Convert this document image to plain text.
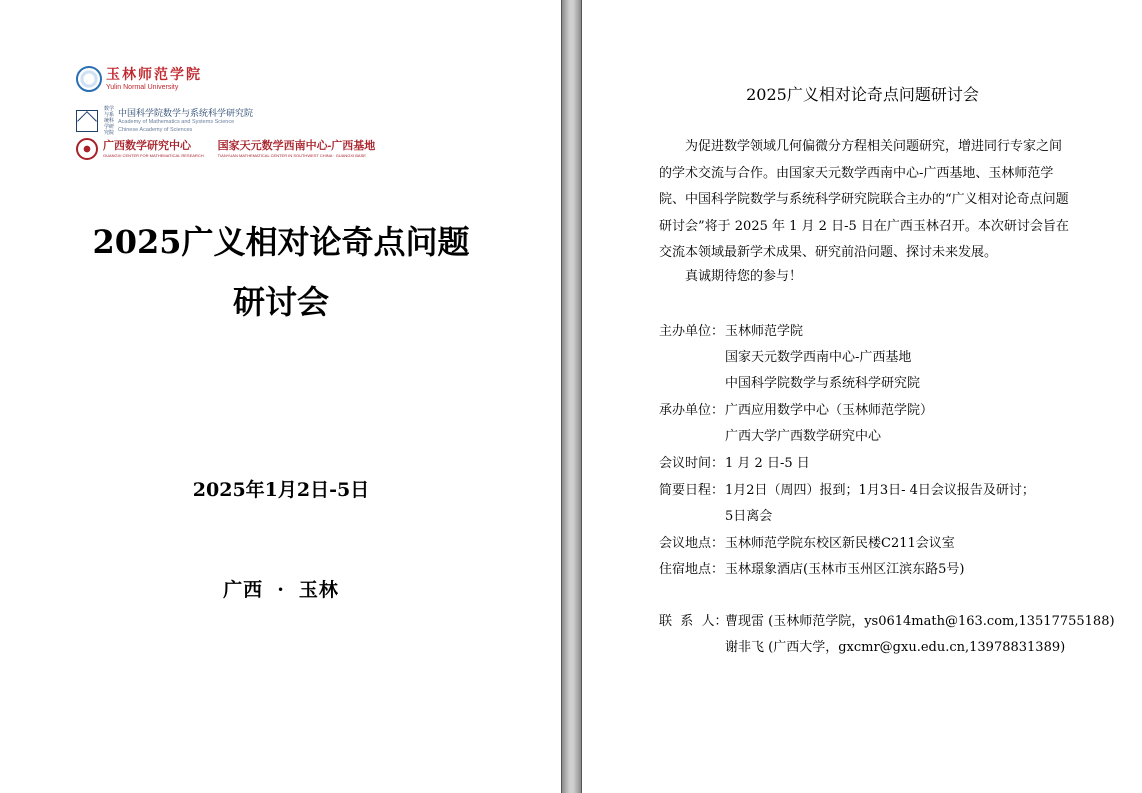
玉林师范学院
Yulin Normal University
数学与系统科学研究院
中国科学院数学与系统科学研究院
Academy of Mathematics and Systems Science
Chinese Academy of Sciences
广西数学研究中心
GUANGXI CENTER FOR MATHEMATICAL RESEARCH
国家天元数学西南中心-广西基地
TIANYUAN MATHEMATICAL CENTER IN SOUTHWEST CHINA · GUANGXI BASE
2025广义相对论奇点问题
研讨会
2025年1月2日-5日
广西 · 玉林
2025广义相对论奇点问题研讨会

为促进数学领域几何偏微分方程相关问题研究，增进同行专家之间的学术交流与合作。由国家天元数学西南中心-广西基地、玉林师范学院、中国科学院数学与系统科学研究院联合主办的“广义相对论奇点问题研讨会”将于 2025 年 1 月 2 日-5 日在广西玉林召开。本次研讨会旨在交流本领域最新学术成果、研究前沿问题、探讨未来发展。

真诚期待您的参与！
主办单位：玉林师范学院
国家天元数学西南中心-广西基地
中国科学院数学与系统科学研究院
承办单位：广西应用数学中心（玉林师范学院）
广西大学广西数学研究中心
会议时间：1 月 2 日-5 日
简要日程：1月2日（周四）报到；1月3日- 4日会议报告及研讨；
5日离会
会议地点：玉林师范学院东校区新民楼C211会议室
住宿地点：玉林璟象酒店(玉林市玉州区江滨东路5号)
联  系  人：曹现雷 (玉林师范学院，ys0614math@163.com,13517755188)
谢非飞 (广西大学，gxcmr@gxu.edu.cn,13978831389)
